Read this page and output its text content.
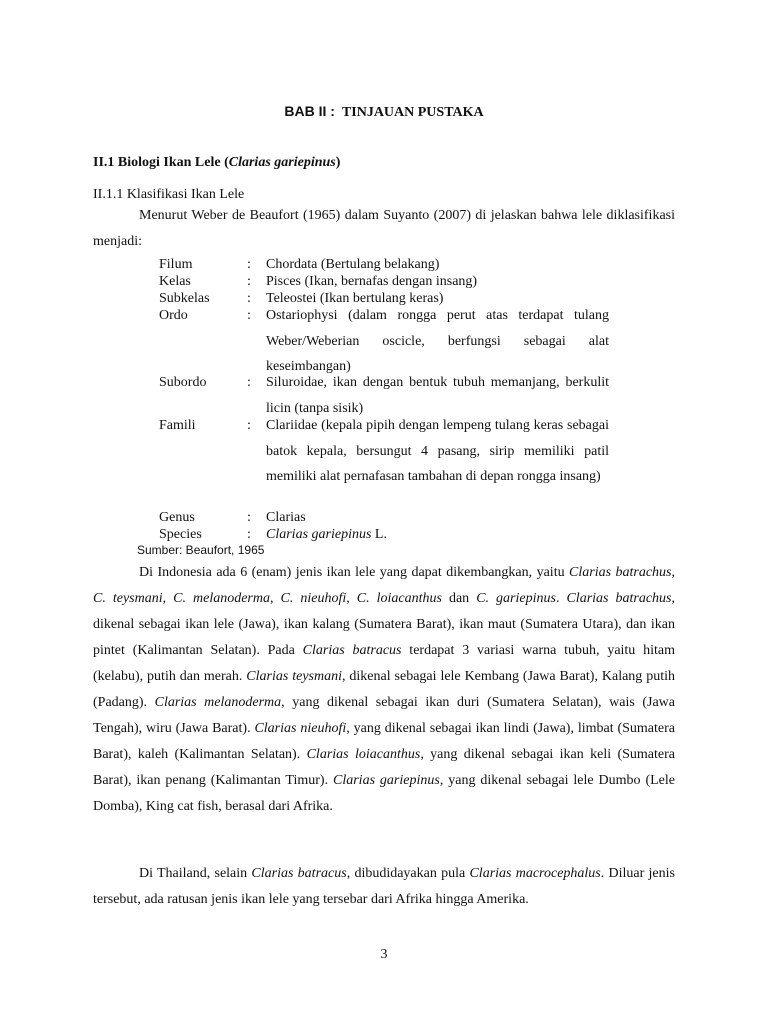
BAB II : TINJAUAN PUSTAKA
II.1 Biologi Ikan Lele (Clarias gariepinus)
II.1.1 Klasifikasi Ikan Lele
Menurut Weber de Beaufort (1965) dalam Suyanto (2007) di jelaskan bahwa lele diklasifikasi menjadi:
Filum	: Chordata (Bertulang belakang)
Kelas	: Pisces (Ikan, bernafas dengan insang)
Subkelas	: Teleostei (Ikan bertulang keras)
Ordo	: Ostariophysi (dalam rongga perut atas terdapat tulang Weber/Weberian oscicle, berfungsi sebagai alat keseimbangan)
Subordo	: Siluroidae, ikan dengan bentuk tubuh memanjang, berkulit licin (tanpa sisik)
Famili	: Clariidae (kepala pipih dengan lempeng tulang keras sebagai batok kepala, bersungut 4 pasang, sirip memiliki patil memiliki alat pernafasan tambahan di depan rongga insang)
Genus	: Clarias
Species	: Clarias gariepinus L.
Sumber: Beaufort, 1965
Di Indonesia ada 6 (enam) jenis ikan lele yang dapat dikembangkan, yaitu Clarias batrachus, C. teysmani, C. melanoderma, C. nieuhofi, C. loiacanthus dan C. gariepinus. Clarias batrachus, dikenal sebagai ikan lele (Jawa), ikan kalang (Sumatera Barat), ikan maut (Sumatera Utara), dan ikan pintet (Kalimantan Selatan). Pada Clarias batracus terdapat 3 variasi warna tubuh, yaitu hitam (kelabu), putih dan merah. Clarias teysmani, dikenal sebagai lele Kembang (Jawa Barat), Kalang putih (Padang). Clarias melanoderma, yang dikenal sebagai ikan duri (Sumatera Selatan), wais (Jawa Tengah), wiru (Jawa Barat). Clarias nieuhofi, yang dikenal sebagai ikan lindi (Jawa), limbat (Sumatera Barat), kaleh (Kalimantan Selatan). Clarias loiacanthus, yang dikenal sebagai ikan keli (Sumatera Barat), ikan penang (Kalimantan Timur). Clarias gariepinus, yang dikenal sebagai lele Dumbo (Lele Domba), King cat fish, berasal dari Afrika.
Di Thailand, selain Clarias batracus, dibudidayakan pula Clarias macrocephalus. Diluar jenis tersebut, ada ratusan jenis ikan lele yang tersebar dari Afrika hingga Amerika.
3
